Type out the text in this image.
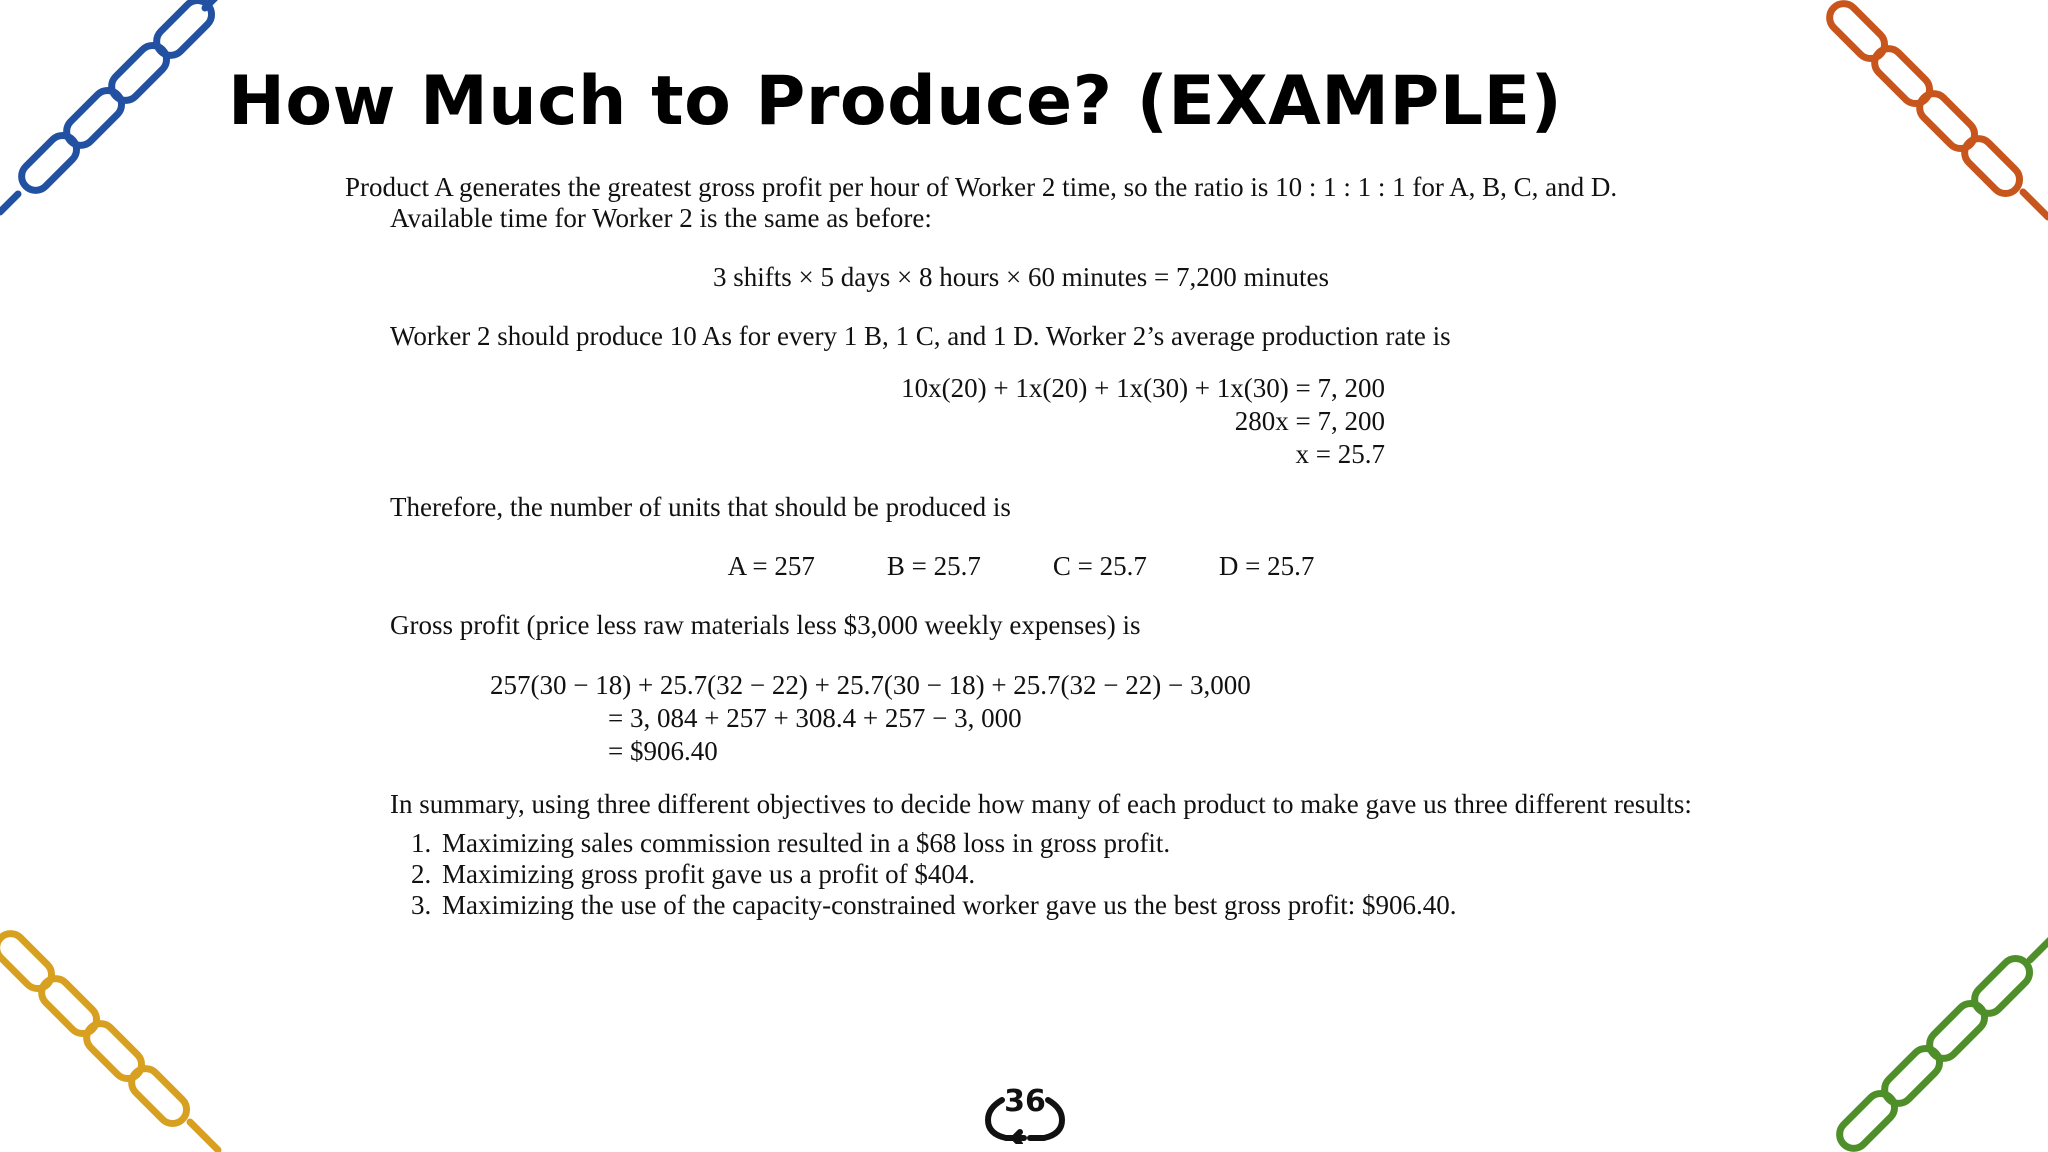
How Much to Produce? (EXAMPLE)

Product A generates the greatest gross profit per hour of Worker 2 time, so the ratio is 10 : 1 : 1 : 1 for A, B, C, and D.

Available time for Worker 2 is the same as before:

3 shifts × 5 days × 8 hours × 60 minutes = 7,200 minutes

Worker 2 should produce 10 As for every 1 B, 1 C, and 1 D. Worker 2’s average production rate is

10x(20) + 1x(20) + 1x(30) + 1x(30) = 7, 200
280x = 7, 200
x = 25.7

Therefore, the number of units that should be produced is

A = 257	B = 25.7	C = 25.7	D = 25.7

Gross profit (price less raw materials less $3,000 weekly expenses) is

257(30 − 18) + 25.7(32 − 22) + 25.7(30 − 18) + 25.7(32 − 22) − 3,000
= 3, 084 + 257 + 308.4 + 257 − 3, 000
= $906.40

In summary, using three different objectives to decide how many of each product to make gave us three different results:

1. Maximizing sales commission resulted in a $68 loss in gross profit.
2. Maximizing gross profit gave us a profit of $404.
3. Maximizing the use of the capacity-constrained worker gave us the best gross profit: $906.40.
36
